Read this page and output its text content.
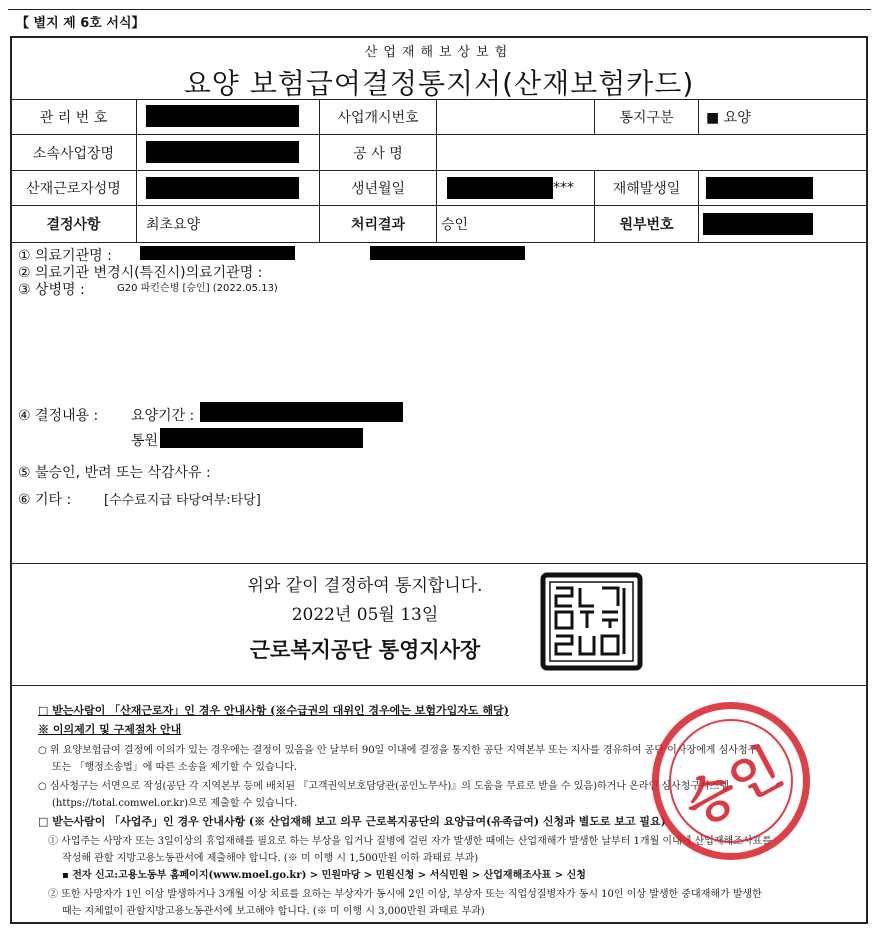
【 별지 제 6호 서식】
산업재해보상보험
요양 보험급여결정통지서(산재보험카드)
관 리 번 호	사업개시번호	통지구분	■ 요양
소속사업장명	공 사 명
산재근로자성명	생년월일	***	재해발생일
결정사항	최초요양	처리결과	승인	원부번호
① 의료기관명 :
② 의료기관 변경시(특진시)의료기관명 :
③ 상병명 :	G20 파킨슨병 [승인] (2022.05.13)
④ 결정내용 : 요양기간 :
통원
⑤ 불승인, 반려 또는 삭감사유 :
⑥ 기타 :	[수수료지급 타당여부:타당]
위와 같이 결정하여 통지합니다.
2022년 05월 13일
근로복지공단 통영지사장
□ 받는사람이 「산재근로자」인 경우 안내사항 (※수급권의 대위인 경우에는 보험가입자도 해당)
※ 이의제기 및 구제절차 안내
○ 위 요양보험급여 결정에 이의가 있는 경우에는 결정이 있음을 안 날부터 90일 이내에 결정을 통지한 공단 지역본부 또는 지사를 경유하여 공단 이사장에게 심사청구
또는 「행정소송법」에 따른 소송을 제기할 수 있습니다.
○ 심사청구는 서면으로 작성(공단 각 지역본부 등에 배치된 『고객권익보호담당관(공인노무사)』의 도움을 무료로 받을 수 있음)하거나 온라인 심사청구시스템
(https://total.comwel.or.kr)으로 제출할 수 있습니다.
□ 받는사람이 「사업주」인 경우 안내사항 (※ 산업재해 보고 의무 근로복지공단의 요양급여(유족급여) 신청과 별도로 보고 필요)
① 사업주는 사망자 또는 3일이상의 휴업재해를 필요로 하는 부상을 입거나 질병에 걸린 자가 발생한 때에는 산업재해가 발생한 날부터 1개월 이내에 산업재해조사표를
작성해 관할 지방고용노동관서에 제출해야 합니다. (※ 미 이행 시 1,500만원 이하 과태료 부과)
▪ 전자 신고:고용노동부 홈페이지(www.moel.go.kr) > 민원마당 > 민원신청 > 서식민원 > 산업재해조사표 > 신청
② 또한 사망자가 1인 이상 발생하거나 3개월 이상 치료를 요하는 부상자가 동시에 2인 이상, 부상자 또는 직업성질병자가 동시 10인 이상 발생한 중대재해가 발생한
때는 지체없이 관할지방고용노동관서에 보고해야 합니다. (※ 미 이행 시 3,000만원 과태료 부과)
승인
